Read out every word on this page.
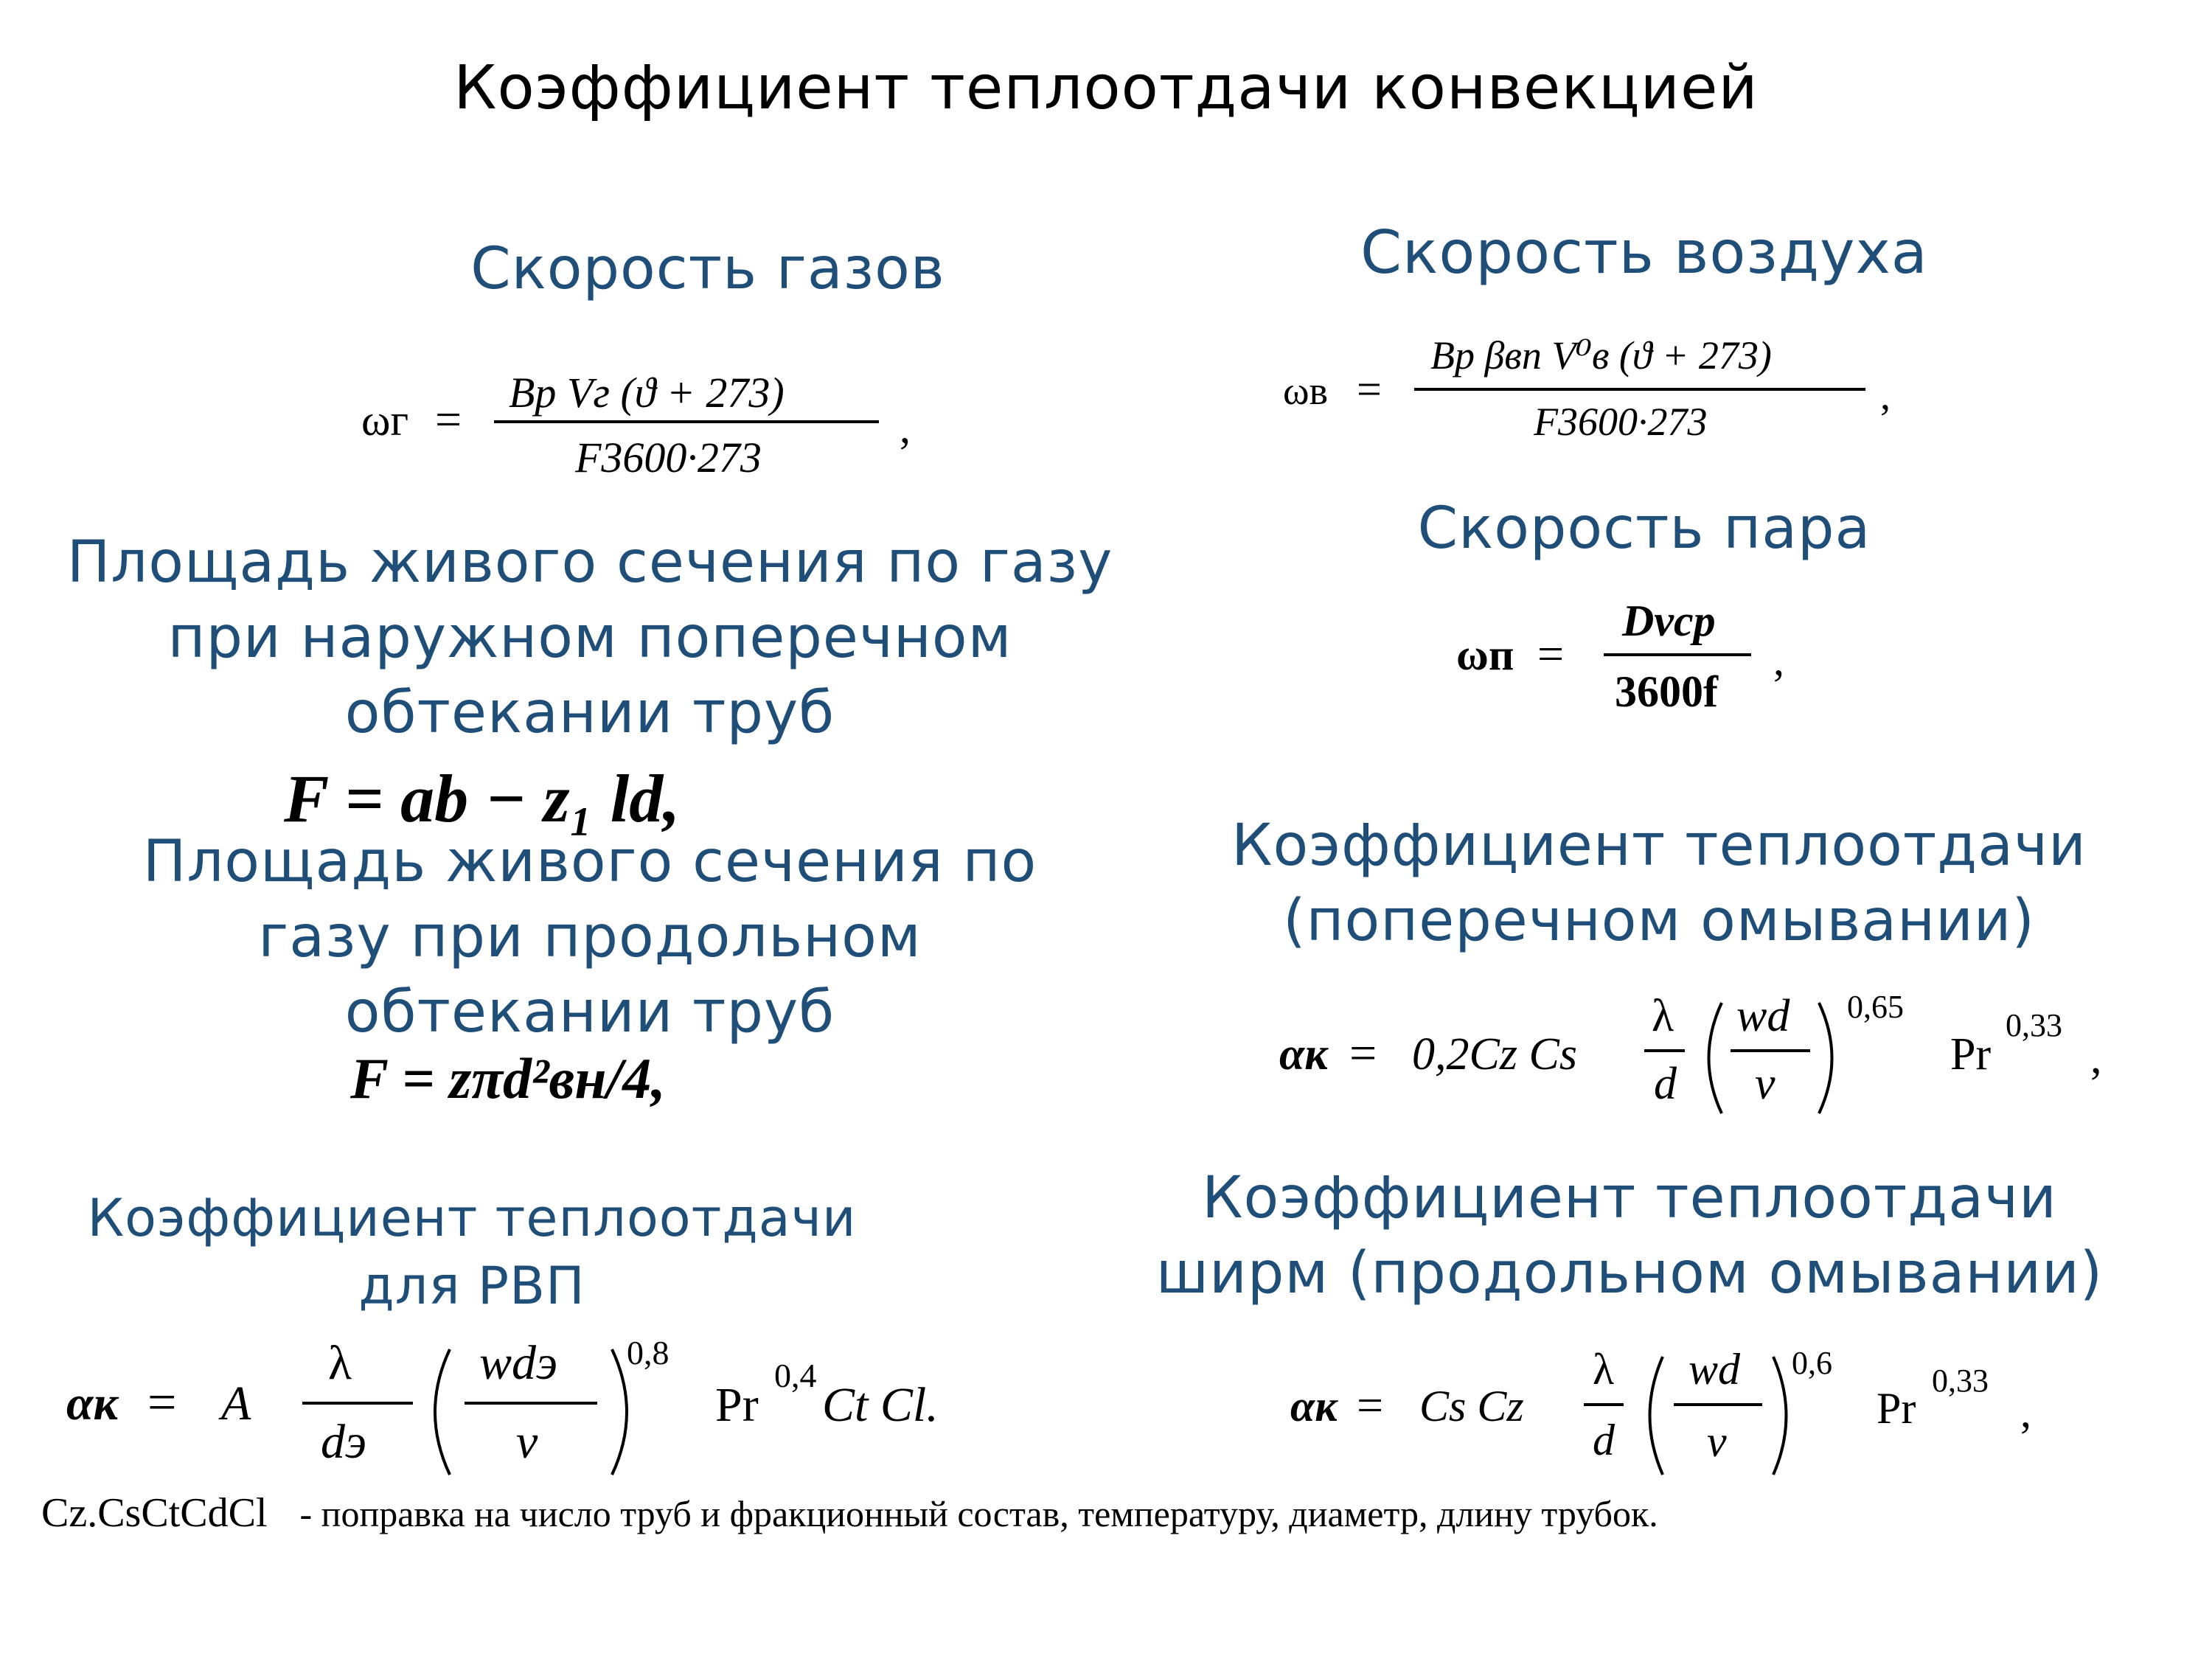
Коэффициент теплоотдачи конвекцией
Скорость газов	Скорость воздуха
Скорость пара
Площадь живого сечения по газу
при наружном поперечном
обтекании труб
Площадь живого сечения по
газу при продольном
обтекании труб
Коэффициент теплоотдачи
(поперечном омывании)
Коэффициент теплоотдачи
для РВП
Коэффициент теплоотдачи
ширм (продольном омывании)
ωг =
Bр Vг (ϑ + 273)
F3600·273
,
ωв =
Bр βвп V⁰в (ϑ + 273)
F3600·273
,
ωп =
Dvcp
3600f
,
F = ab − z₁ ld,
F = zπd²вн/4,	αк = 0,2Cz Cs
λ
d
wd
ν
0,65
Pr
0,33
,
αк = A
λ
dэ
wdэ
ν
0,8
Pr
0,4
Ct Cl.	αк = Cs Cz
λ
d
wd
ν
0,6
Pr
0,33
,
Cz.CsCtCdCl - поправка на число труб и фракционный состав, температуру, диаметр, длину трубок.
